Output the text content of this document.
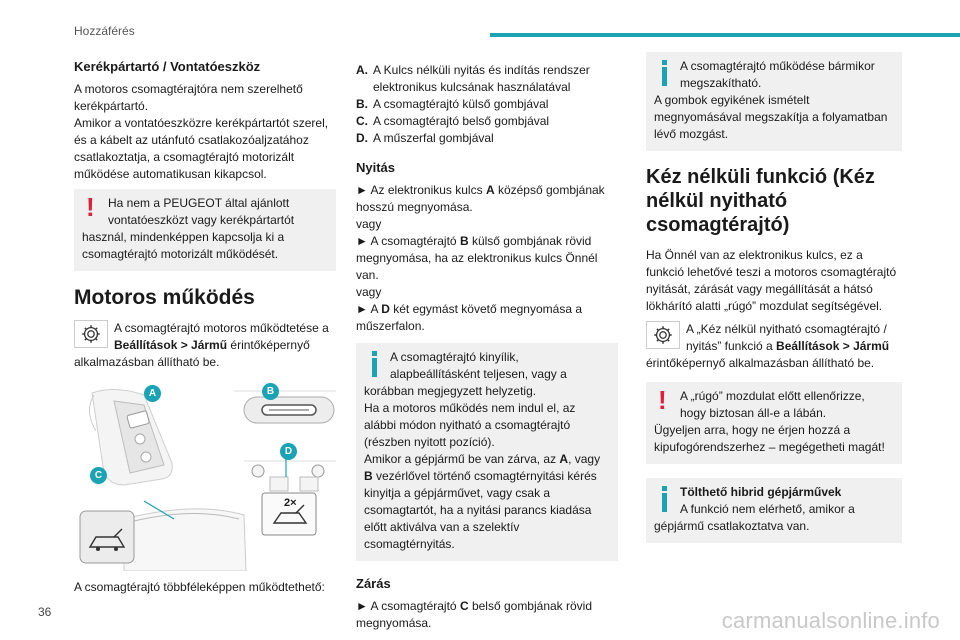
Hozzáférés
Kerékpártartó / Vontatóeszköz

A motoros csomagtérajtóra nem szerelhető kerékpártartó.

Amikor a vontatóeszközre kerékpártartót szerel, és a kábelt az utánfutó csatlakozóaljzatához csatlakoztatja, a csomagtérajtó motorizált működése automatikusan kikapcsol.

!
Ha nem a PEUGEOT által ajánlott vontatóeszközt vagy kerékpártartót használ, mindenképpen kapcsolja ki a csomagtérajtó motorizált működését.
Motoros működés
A csomagtérajtó motoros működtetése a Beállítások > Jármű érintőképernyő alkalmazásban állítható be.
A	B
C
D
2×

A csomagtérajtó többféleképpen működtethető:

A. A Kulcs nélküli nyitás és indítás rendszer elektronikus kulcsának használatával
B. A csomagtérajtó külső gombjával
C. A csomagtérajtó belső gombjával
D. A műszerfal gombjával
Nyitás

► Az elektronikus kulcs A középső gombjának hosszú megnyomása.

vagy

► A csomagtérajtó B külső gombjának rövid megnyomása, ha az elektronikus kulcs Önnél van.

vagy

► A D két egymást követő megnyomása a műszerfalon.

A csomagtérajtó kinyílik, alapbeállításként teljesen, vagy a korábban megjegyzett helyzetig.
Ha a motoros működés nem indul el, az alábbi módon nyitható a csomagtérajtó (részben nyitott pozíció).
Amikor a gépjármű be van zárva, az A, vagy B vezérlővel történő csomagtérnyitási kérés kinyitja a gépjárművet, vagy csak a csomagtartót, ha a nyitási parancs kiadása előtt aktiválva van a szelektív csomagtérnyitás.
Zárás

► A csomagtérajtó C belső gombjának rövid megnyomása.

A csomagtérajtó működése bármikor megszakítható.
A gombok egyikének ismételt megnyomásával megszakítja a folyamatban lévő mozgást.
Kéz nélküli funkció (Kéz nélkül nyitható csomagtérajtó)

Ha Önnél van az elektronikus kulcs, ez a funkció lehetővé teszi a motoros csomagtérajtó nyitását, zárását vagy megállítását a hátsó lökhárító alatti „rúgó” mozdulat segítségével.

A „Kéz nélkül nyitható csomagtérajtó / nyitás” funkció a Beállítások > Jármű érintőképernyő alkalmazásban állítható be.
!
A „rúgó” mozdulat előtt ellenőrizze, hogy biztosan áll-e a lábán.
Ügyeljen arra, hogy ne érjen hozzá a kipufogórendszerhez – megégetheti magát!
Tölthető hibrid gépjárművek
A funkció nem elérhető, amikor a gépjármű csatlakoztatva van.
36	carmanualsonline.info
